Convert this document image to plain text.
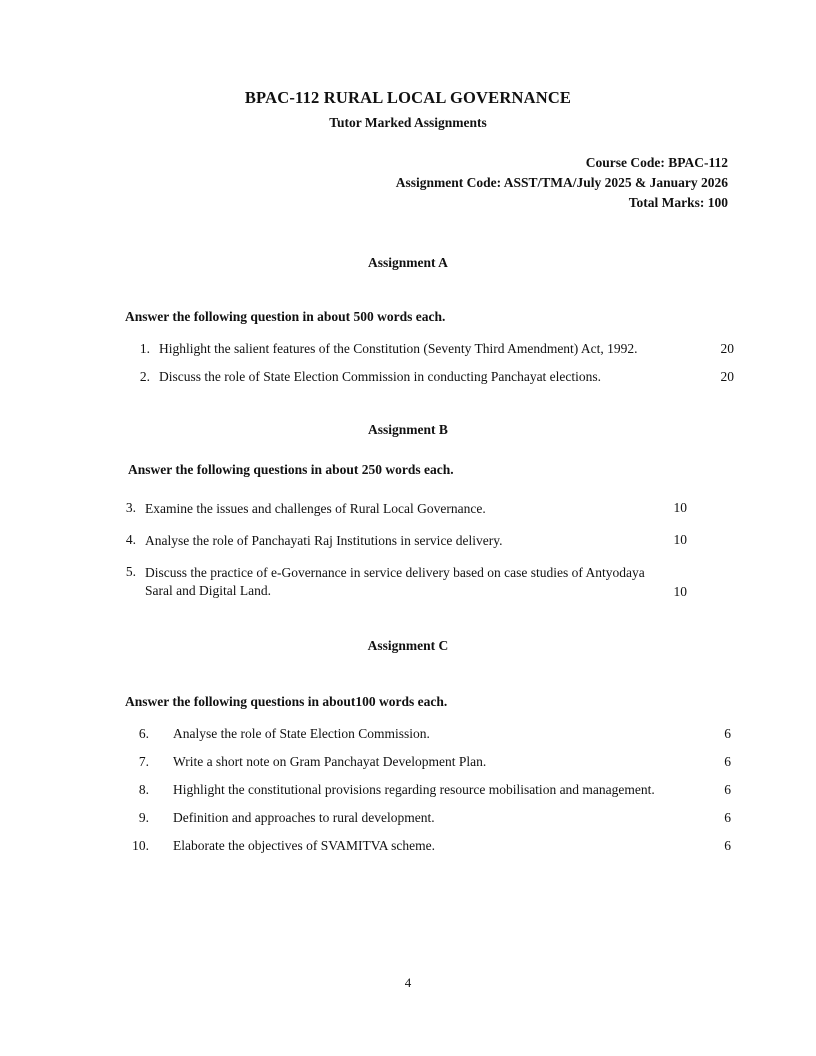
BPAC-112 RURAL LOCAL GOVERNANCE
Tutor Marked Assignments
Course Code: BPAC-112
Assignment Code: ASST/TMA/July 2025 & January 2026
Total Marks: 100
Assignment A

Answer the following question in about 500 words each.

1. Highlight the salient features of the Constitution (Seventy Third Amendment) Act, 1992.	20
2. Discuss the role of State Election Commission in conducting Panchayat elections.	20
Assignment B

Answer the following questions in about 250 words each.

3. Examine the issues and challenges of Rural Local Governance.	10
4. Analyse the role of Panchayati Raj Institutions in service delivery.	10
5. Discuss the practice of e-Governance in service delivery based on case studies of Antyodaya Saral and Digital Land.	10
Assignment C

Answer the following questions in about100 words each.

6. Analyse the role of State Election Commission.	6
7. Write a short note on Gram Panchayat Development Plan.	6
8. Highlight the constitutional provisions regarding resource mobilisation and management.	6
9. Definition and approaches to rural development.	6
10. Elaborate the objectives of SVAMITVA scheme.	6
4
